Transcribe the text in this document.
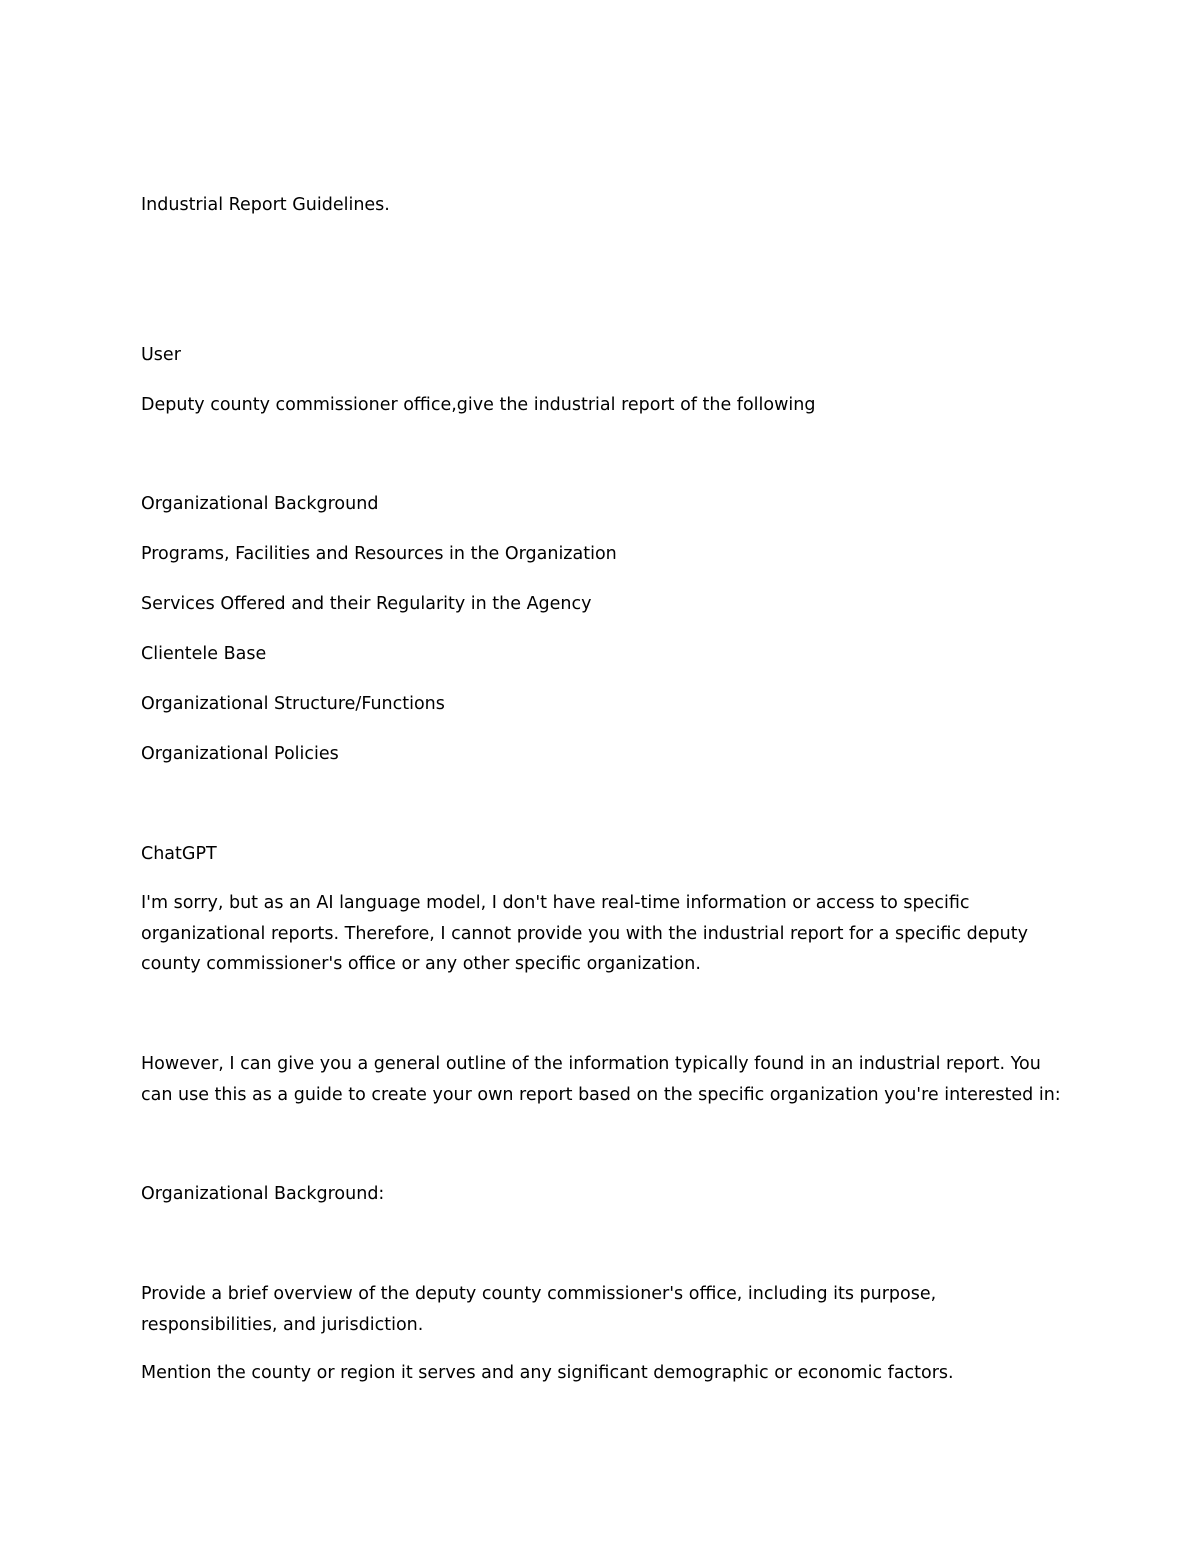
Industrial Report Guidelines.

User

Deputy county commissioner office,give the industrial report of the following

Organizational Background

Programs, Facilities and Resources in the Organization

Services Offered and their Regularity in the Agency

Clientele Base

Organizational Structure/Functions

Organizational Policies

ChatGPT

I'm sorry, but as an AI language model, I don't have real-time information or access to specific organizational reports. Therefore, I cannot provide you with the industrial report for a specific deputy county commissioner's office or any other specific organization.

However, I can give you a general outline of the information typically found in an industrial report. You can use this as a guide to create your own report based on the specific organization you're interested in:

Organizational Background:

Provide a brief overview of the deputy county commissioner's office, including its purpose, responsibilities, and jurisdiction.

Mention the county or region it serves and any significant demographic or economic factors.
